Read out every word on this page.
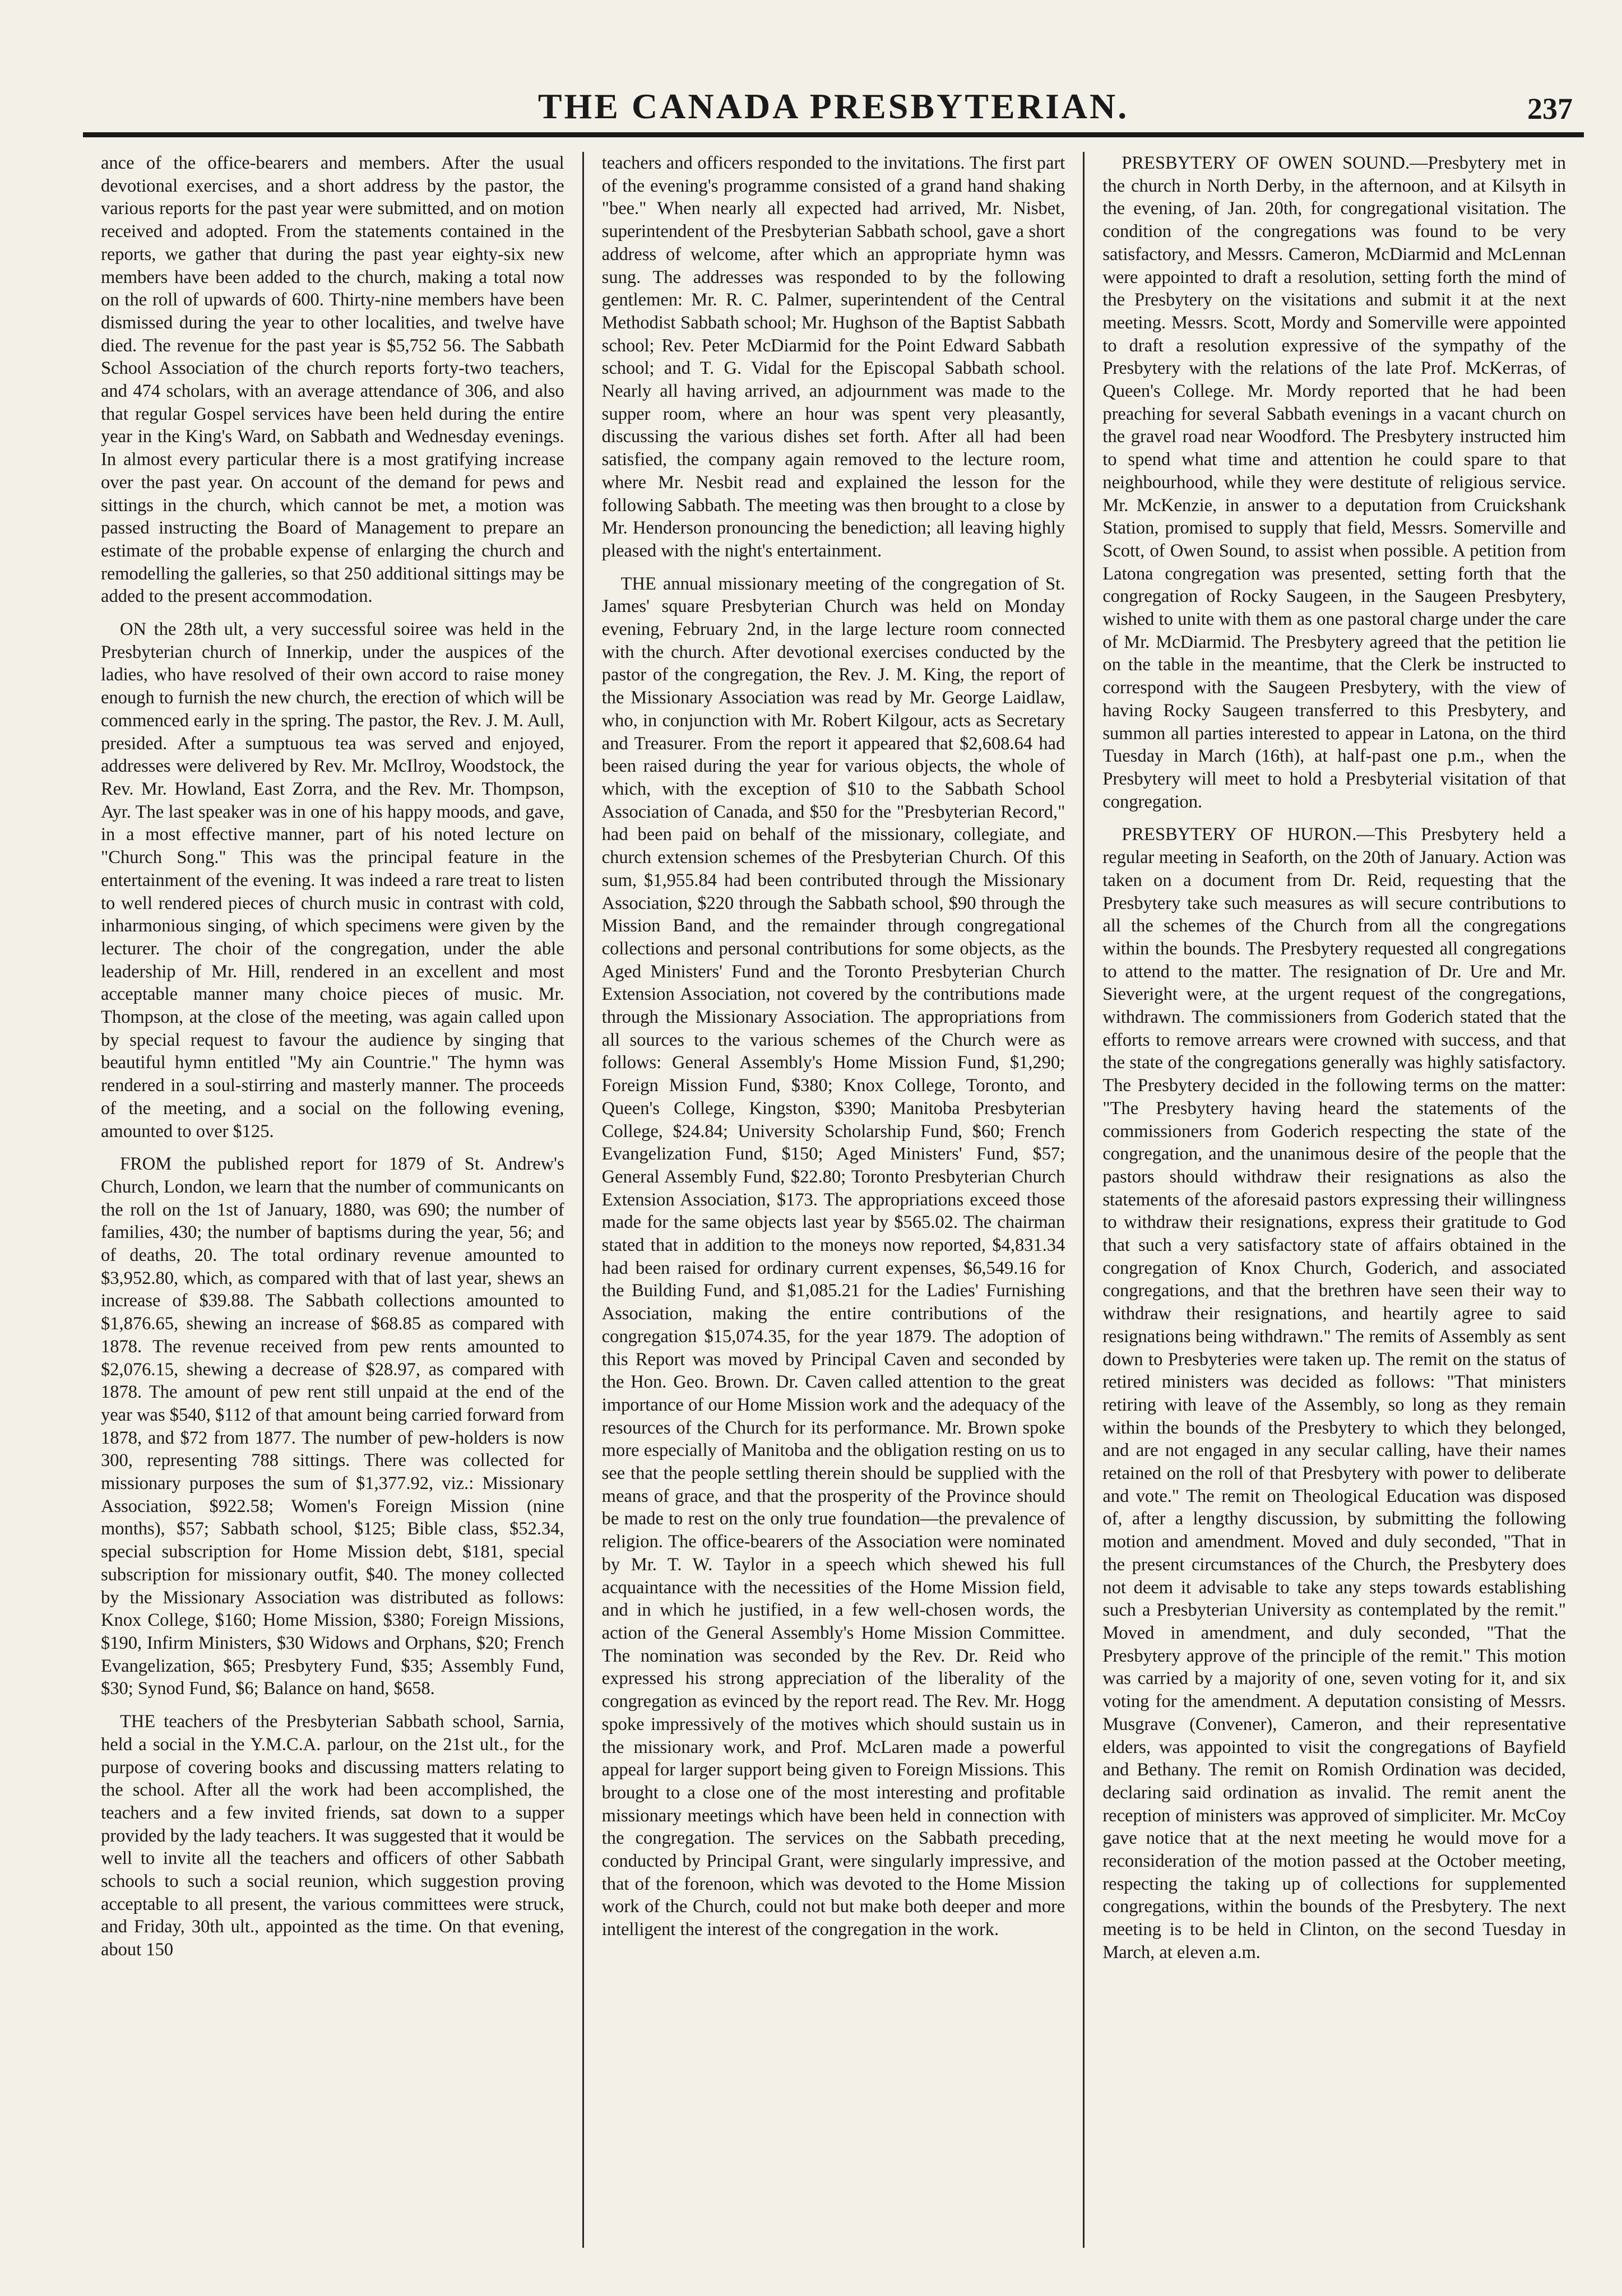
THE CANADA PRESBYTERIAN.	237

ance of the office-bearers and members. After the usual devotional exercises, and a short address by the pastor, the various reports for the past year were submitted, and on motion received and adopted. From the statements contained in the reports, we gather that during the past year eighty-six new members have been added to the church, making a total now on the roll of upwards of 600. Thirty-nine members have been dismissed during the year to other localities, and twelve have died. The revenue for the past year is $5,752 56. The Sabbath School Association of the church reports forty-two teachers, and 474 scholars, with an average attendance of 306, and also that regular Gospel services have been held during the entire year in the King's Ward, on Sabbath and Wednesday evenings. In almost every particular there is a most gratifying increase over the past year. On account of the demand for pews and sittings in the church, which cannot be met, a motion was passed instructing the Board of Management to prepare an estimate of the probable expense of enlarging the church and remodelling the galleries, so that 250 additional sittings may be added to the present accommodation.

ON the 28th ult, a very successful soiree was held in the Presbyterian church of Innerkip, under the auspices of the ladies, who have resolved of their own accord to raise money enough to furnish the new church, the erection of which will be commenced early in the spring. The pastor, the Rev. J. M. Aull, presided. After a sumptuous tea was served and enjoyed, addresses were delivered by Rev. Mr. McIlroy, Woodstock, the Rev. Mr. Howland, East Zorra, and the Rev. Mr. Thompson, Ayr. The last speaker was in one of his happy moods, and gave, in a most effective manner, part of his noted lecture on "Church Song." This was the principal feature in the entertainment of the evening. It was indeed a rare treat to listen to well rendered pieces of church music in contrast with cold, inharmonious singing, of which specimens were given by the lecturer. The choir of the congregation, under the able leadership of Mr. Hill, rendered in an excellent and most acceptable manner many choice pieces of music. Mr. Thompson, at the close of the meeting, was again called upon by special request to favour the audience by singing that beautiful hymn entitled "My ain Countrie." The hymn was rendered in a soul-stirring and masterly manner. The proceeds of the meeting, and a social on the following evening, amounted to over $125.

FROM the published report for 1879 of St. Andrew's Church, London, we learn that the number of communicants on the roll on the 1st of January, 1880, was 690; the number of families, 430; the number of baptisms during the year, 56; and of deaths, 20. The total ordinary revenue amounted to $3,952.80, which, as compared with that of last year, shews an increase of $39.88. The Sabbath collections amounted to $1,876.65, shewing an increase of $68.85 as compared with 1878. The revenue received from pew rents amounted to $2,076.15, shewing a decrease of $28.97, as compared with 1878. The amount of pew rent still unpaid at the end of the year was $540, $112 of that amount being carried forward from 1878, and $72 from 1877. The number of pew-holders is now 300, representing 788 sittings. There was collected for missionary purposes the sum of $1,377.92, viz.: Missionary Association, $922.58; Women's Foreign Mission (nine months), $57; Sabbath school, $125; Bible class, $52.34, special subscription for Home Mission debt, $181, special subscription for missionary outfit, $40. The money collected by the Missionary Association was distributed as follows: Knox College, $160; Home Mission, $380; Foreign Missions, $190, Infirm Ministers, $30 Widows and Orphans, $20; French Evangelization, $65; Presbytery Fund, $35; Assembly Fund, $30; Synod Fund, $6; Balance on hand, $658.

THE teachers of the Presbyterian Sabbath school, Sarnia, held a social in the Y.M.C.A. parlour, on the 21st ult., for the purpose of covering books and discussing matters relating to the school. After all the work had been accomplished, the teachers and a few invited friends, sat down to a supper provided by the lady teachers. It was suggested that it would be well to invite all the teachers and officers of other Sabbath schools to such a social reunion, which suggestion proving acceptable to all present, the various committees were struck, and Friday, 30th ult., appointed as the time. On that evening, about 150

teachers and officers responded to the invitations. The first part of the evening's programme consisted of a grand hand shaking "bee." When nearly all expected had arrived, Mr. Nisbet, superintendent of the Presbyterian Sabbath school, gave a short address of welcome, after which an appropriate hymn was sung. The addresses was responded to by the following gentlemen: Mr. R. C. Palmer, superintendent of the Central Methodist Sabbath school; Mr. Hughson of the Baptist Sabbath school; Rev. Peter McDiarmid for the Point Edward Sabbath school; and T. G. Vidal for the Episcopal Sabbath school. Nearly all having arrived, an adjournment was made to the supper room, where an hour was spent very pleasantly, discussing the various dishes set forth. After all had been satisfied, the company again removed to the lecture room, where Mr. Nesbit read and explained the lesson for the following Sabbath. The meeting was then brought to a close by Mr. Henderson pronouncing the benediction; all leaving highly pleased with the night's entertainment.

THE annual missionary meeting of the congregation of St. James' square Presbyterian Church was held on Monday evening, February 2nd, in the large lecture room connected with the church. After devotional exercises conducted by the pastor of the congregation, the Rev. J. M. King, the report of the Missionary Association was read by Mr. George Laidlaw, who, in conjunction with Mr. Robert Kilgour, acts as Secretary and Treasurer. From the report it appeared that $2,608.64 had been raised during the year for various objects, the whole of which, with the exception of $10 to the Sabbath School Association of Canada, and $50 for the "Presbyterian Record," had been paid on behalf of the missionary, collegiate, and church extension schemes of the Presbyterian Church. Of this sum, $1,955.84 had been contributed through the Missionary Association, $220 through the Sabbath school, $90 through the Mission Band, and the remainder through congregational collections and personal contributions for some objects, as the Aged Ministers' Fund and the Toronto Presbyterian Church Extension Association, not covered by the contributions made through the Missionary Association. The appropriations from all sources to the various schemes of the Church were as follows: General Assembly's Home Mission Fund, $1,290; Foreign Mission Fund, $380; Knox College, Toronto, and Queen's College, Kingston, $390; Manitoba Presbyterian College, $24.84; University Scholarship Fund, $60; French Evangelization Fund, $150; Aged Ministers' Fund, $57; General Assembly Fund, $22.80; Toronto Presbyterian Church Extension Association, $173. The appropriations exceed those made for the same objects last year by $565.02. The chairman stated that in addition to the moneys now reported, $4,831.34 had been raised for ordinary current expenses, $6,549.16 for the Building Fund, and $1,085.21 for the Ladies' Furnishing Association, making the entire contributions of the congregation $15,074.35, for the year 1879. The adoption of this Report was moved by Principal Caven and seconded by the Hon. Geo. Brown. Dr. Caven called attention to the great importance of our Home Mission work and the adequacy of the resources of the Church for its performance. Mr. Brown spoke more especially of Manitoba and the obligation resting on us to see that the people settling therein should be supplied with the means of grace, and that the prosperity of the Province should be made to rest on the only true foundation—the prevalence of religion. The office-bearers of the Association were nominated by Mr. T. W. Taylor in a speech which shewed his full acquaintance with the necessities of the Home Mission field, and in which he justified, in a few well-chosen words, the action of the General Assembly's Home Mission Committee. The nomination was seconded by the Rev. Dr. Reid who expressed his strong appreciation of the liberality of the congregation as evinced by the report read. The Rev. Mr. Hogg spoke impressively of the motives which should sustain us in the missionary work, and Prof. McLaren made a powerful appeal for larger support being given to Foreign Missions. This brought to a close one of the most interesting and profitable missionary meetings which have been held in connection with the congregation. The services on the Sabbath preceding, conducted by Principal Grant, were singularly impressive, and that of the forenoon, which was devoted to the Home Mission work of the Church, could not but make both deeper and more intelligent the interest of the congregation in the work.

PRESBYTERY OF OWEN SOUND.—Presbytery met in the church in North Derby, in the afternoon, and at Kilsyth in the evening, of Jan. 20th, for congregational visitation. The condition of the congregations was found to be very satisfactory, and Messrs. Cameron, McDiarmid and McLennan were appointed to draft a resolution, setting forth the mind of the Presbytery on the visitations and submit it at the next meeting. Messrs. Scott, Mordy and Somerville were appointed to draft a resolution expressive of the sympathy of the Presbytery with the relations of the late Prof. McKerras, of Queen's College. Mr. Mordy reported that he had been preaching for several Sabbath evenings in a vacant church on the gravel road near Woodford. The Presbytery instructed him to spend what time and attention he could spare to that neighbourhood, while they were destitute of religious service. Mr. McKenzie, in answer to a deputation from Cruickshank Station, promised to supply that field, Messrs. Somerville and Scott, of Owen Sound, to assist when possible. A petition from Latona congregation was presented, setting forth that the congregation of Rocky Saugeen, in the Saugeen Presbytery, wished to unite with them as one pastoral charge under the care of Mr. McDiarmid. The Presbytery agreed that the petition lie on the table in the meantime, that the Clerk be instructed to correspond with the Saugeen Presbytery, with the view of having Rocky Saugeen transferred to this Presbytery, and summon all parties interested to appear in Latona, on the third Tuesday in March (16th), at half-past one p.m., when the Presbytery will meet to hold a Presbyterial visitation of that congregation.

PRESBYTERY OF HURON.—This Presbytery held a regular meeting in Seaforth, on the 20th of January. Action was taken on a document from Dr. Reid, requesting that the Presbytery take such measures as will secure contributions to all the schemes of the Church from all the congregations within the bounds. The Presbytery requested all congregations to attend to the matter. The resignation of Dr. Ure and Mr. Sieveright were, at the urgent request of the congregations, withdrawn. The commissioners from Goderich stated that the efforts to remove arrears were crowned with success, and that the state of the congregations generally was highly satisfactory. The Presbytery decided in the following terms on the matter: "The Presbytery having heard the statements of the commissioners from Goderich respecting the state of the congregation, and the unanimous desire of the people that the pastors should withdraw their resignations as also the statements of the aforesaid pastors expressing their willingness to withdraw their resignations, express their gratitude to God that such a very satisfactory state of affairs obtained in the congregation of Knox Church, Goderich, and associated congregations, and that the brethren have seen their way to withdraw their resignations, and heartily agree to said resignations being withdrawn." The remits of Assembly as sent down to Presbyteries were taken up. The remit on the status of retired ministers was decided as follows: "That ministers retiring with leave of the Assembly, so long as they remain within the bounds of the Presbytery to which they belonged, and are not engaged in any secular calling, have their names retained on the roll of that Presbytery with power to deliberate and vote." The remit on Theological Education was disposed of, after a lengthy discussion, by submitting the following motion and amendment. Moved and duly seconded, "That in the present circumstances of the Church, the Presbytery does not deem it advisable to take any steps towards establishing such a Presbyterian University as contemplated by the remit." Moved in amendment, and duly seconded, "That the Presbytery approve of the principle of the remit." This motion was carried by a majority of one, seven voting for it, and six voting for the amendment. A deputation consisting of Messrs. Musgrave (Convener), Cameron, and their representative elders, was appointed to visit the congregations of Bayfield and Bethany. The remit on Romish Ordination was decided, declaring said ordination as invalid. The remit anent the reception of ministers was approved of simpliciter. Mr. McCoy gave notice that at the next meeting he would move for a reconsideration of the motion passed at the October meeting, respecting the taking up of collections for supplemented congregations, within the bounds of the Presbytery. The next meeting is to be held in Clinton, on the second Tuesday in March, at eleven a.m.
